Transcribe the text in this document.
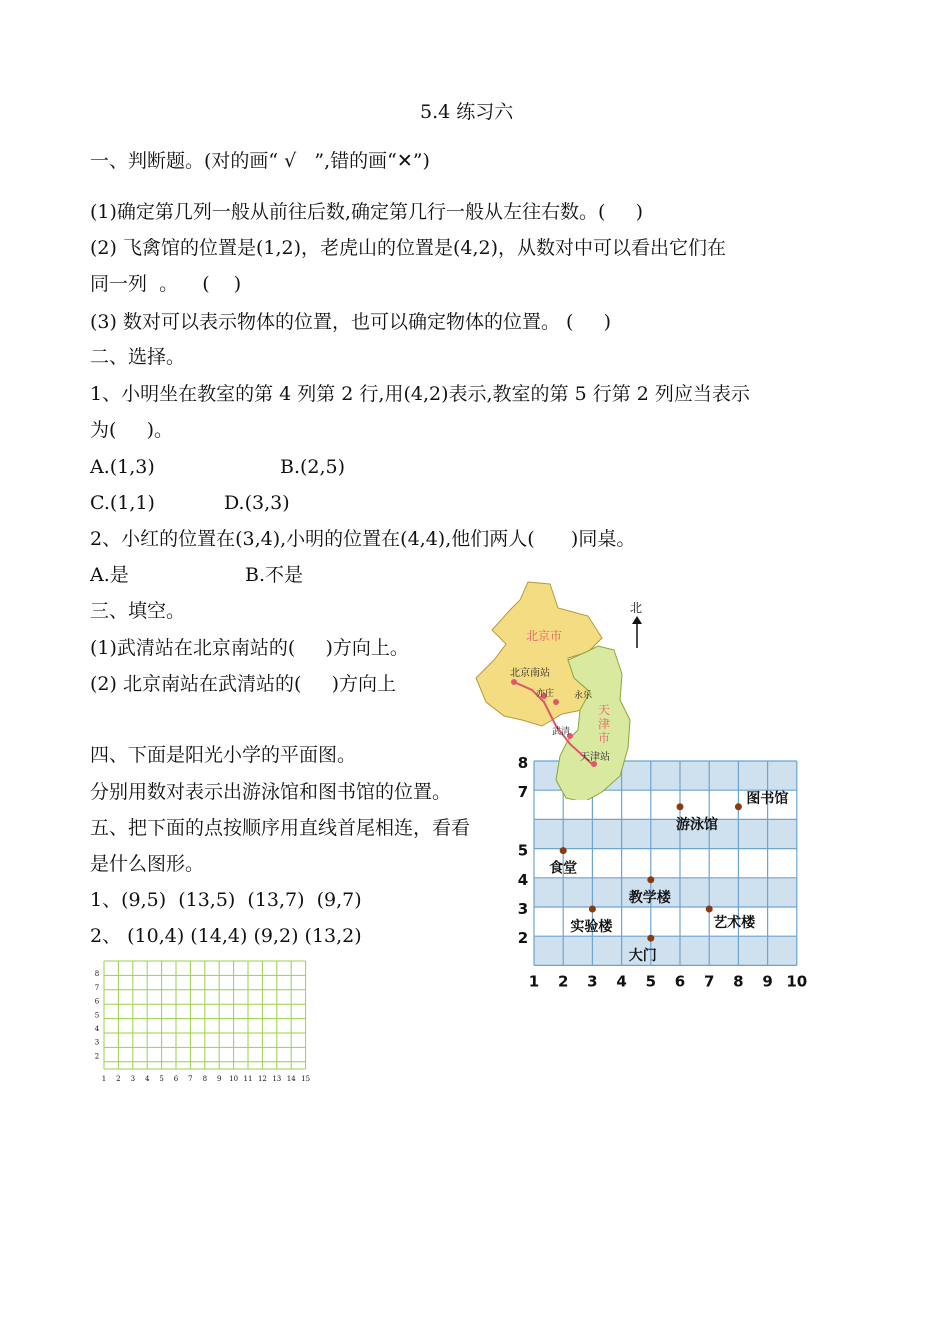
5.4 练习六
一、判断题。(对的画“ √   ”,错的画“✕”)
(1)确定第几列一般从前往后数,确定第几行一般从左往右数。(     )
(2) 飞禽馆的位置是(1,2)，老虎山的位置是(4,2)，从数对中可以看出它们在
同一列  。    (    )
(3) 数对可以表示物体的位置，也可以确定物体的位置。 (     )
二、选择。
1、小明坐在教室的第 4 列第 2 行,用(4,2)表示,教室的第 5 行第 2 列应当表示
为(     )。
A.(1,3)	B.(2,5)
C.(1,1)	D.(3,3)
2、小红的位置在(3,4),小明的位置在(4,4),他们两人(      )同桌。
A.是	B.不是
三、填空。
(1)武清站在北京南站的(     )方向上。
(2) 北京南站在武清站的(     )方向上
四、下面是阳光小学的平面图。
分别用数对表示出游泳馆和图书馆的位置。
五、把下面的点按顺序用直线首尾相连，看看
是什么图形。
1、(9,5)  (13,5)  (13,7)  (9,7)
2、 (10,4) (14,4) (9,2) (13,2)
1 2 3 4 5 6 7 8 9 10
2
3
4
5
7
8
图书馆
游泳馆
食堂
教学楼
实验楼	艺术楼
大门
北京市
天
津
市
北京南站
亦庄 永乐
武清
天津站
北
1 2 3 4 5 6 7 8 9 10 11 12 13 14 15
2
3
4
5
6
7
8
